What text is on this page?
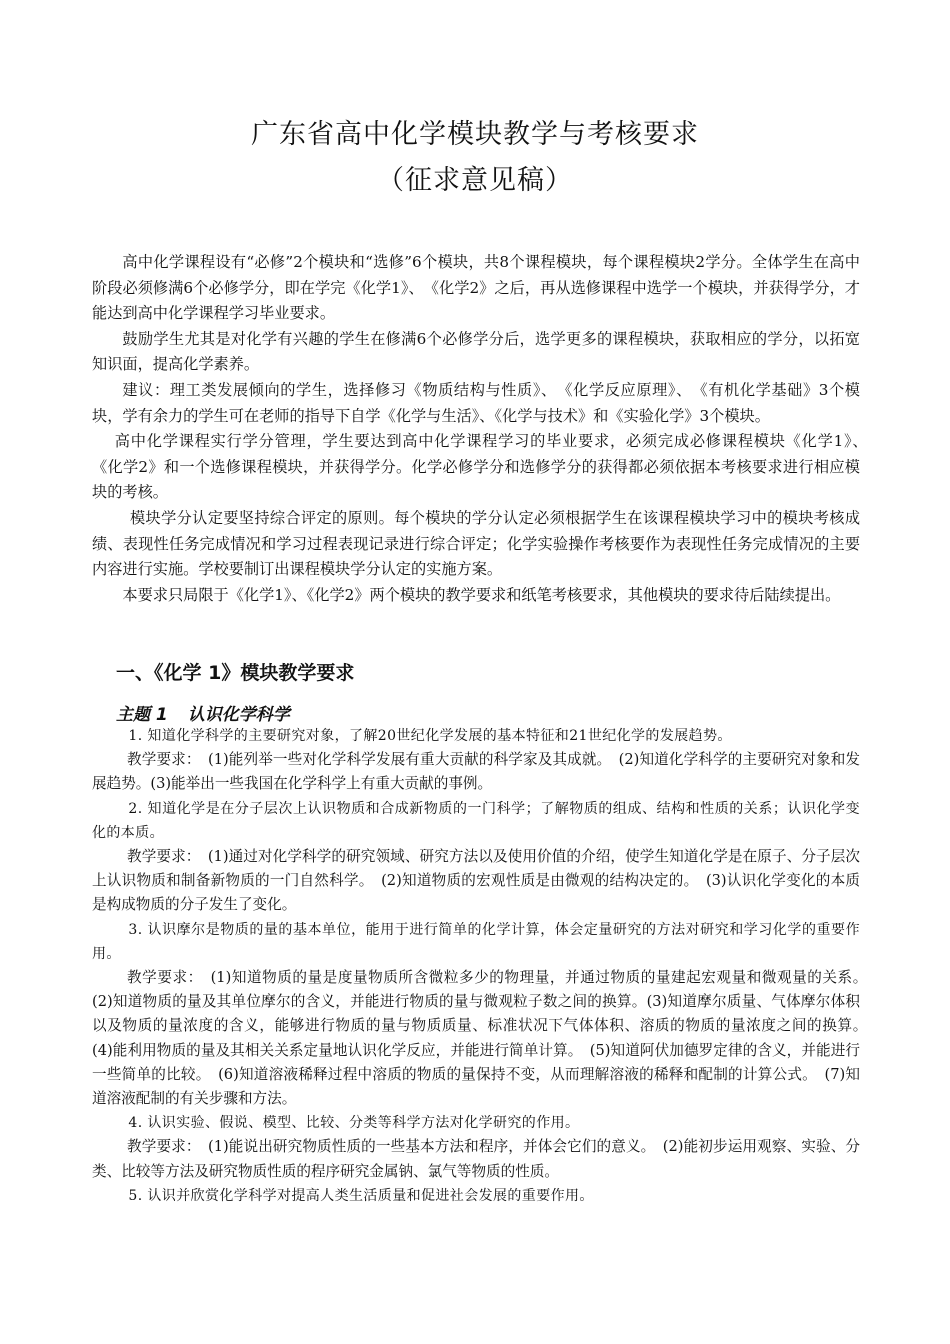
广东省高中化学模块教学与考核要求
（征求意见稿）

高中化学课程设有“必修”2个模块和“选修”6个模块，共8个课程模块，每个课程模块2学分。全体学生在高中阶段必须修满6个必修学分，即在学完《化学1》、　《化学2》之后，再从选修课程中选学一个模块，并获得学分，才能达到高中化学课程学习毕业要求。

鼓励学生尤其是对化学有兴趣的学生在修满6个必修学分后，选学更多的课程模块，获取相应的学分，以拓宽知识面，提高化学素养。

建议：理工类发展倾向的学生，选择修习《物质结构与性质》、　《化学反应原理》、　《有机化学基础》3个模块，学有余力的学生可在老师的指导下自学《化学与生活》、《化学与技术》和《实验化学》3个模块。

高中化学课程实行学分管理，学生要达到高中化学课程学习的毕业要求，必须完成必修课程模块《化学1》、　《化学2》和一个选修课程模块，并获得学分。化学必修学分和选修学分的获得都必须依据本考核要求进行相应模块的考核。

模块学分认定要坚持综合评定的原则。每个模块的学分认定必须根据学生在该课程模块学习中的模块考核成绩、表现性任务完成情况和学习过程表现记录进行综合评定；化学实验操作考核要作为表现性任务完成情况的主要内容进行实施。学校要制订出课程模块学分认定的实施方案。

本要求只局限于《化学1》、《化学2》两个模块的教学要求和纸笔考核要求，其他模块的要求待后陆续提出。

一、《化学 1》模块教学要求
主题 1 认识化学科学

1. 知道化学科学的主要研究对象，了解20世纪化学发展的基本特征和21世纪化学的发展趋势。

教学要求：　(1)能列举一些对化学科学发展有重大贡献的科学家及其成就。　(2)知道化学科学的主要研究对象和发展趋势。(3)能举出一些我国在化学科学上有重大贡献的事例。

2. 知道化学是在分子层次上认识物质和合成新物质的一门科学；了解物质的组成、结构和性质的关系；认识化学变化的本质。

教学要求：　(1)通过对化学科学的研究领域、研究方法以及使用价值的介绍，使学生知道化学是在原子、分子层次上认识物质和制备新物质的一门自然科学。　(2)知道物质的宏观性质是由微观的结构决定的。　(3)认识化学变化的本质是构成物质的分子发生了变化。

3. 认识摩尔是物质的量的基本单位，能用于进行简单的化学计算，体会定量研究的方法对研究和学习化学的重要作用。

教学要求：　(1)知道物质的量是度量物质所含微粒多少的物理量，并通过物质的量建起宏观量和微观量的关系。　(2)知道物质的量及其单位摩尔的含义，并能进行物质的量与微观粒子数之间的换算。(3)知道摩尔质量、气体摩尔体积以及物质的量浓度的含义，能够进行物质的量与物质质量、标准状况下气体体积、溶质的物质的量浓度之间的换算。　(4)能利用物质的量及其相关关系定量地认识化学反应，并能进行简单计算。　(5)知道阿伏加德罗定律的含义，并能进行一些简单的比较。　(6)知道溶液稀释过程中溶质的物质的量保持不变，从而理解溶液的稀释和配制的计算公式。　(7)知道溶液配制的有关步骤和方法。

4. 认识实验、假说、模型、比较、分类等科学方法对化学研究的作用。

教学要求：　(1)能说出研究物质性质的一些基本方法和程序，并体会它们的意义。　(2)能初步运用观察、实验、分类、比较等方法及研究物质性质的程序研究金属钠、氯气等物质的性质。

5. 认识并欣赏化学科学对提高人类生活质量和促进社会发展的重要作用。
